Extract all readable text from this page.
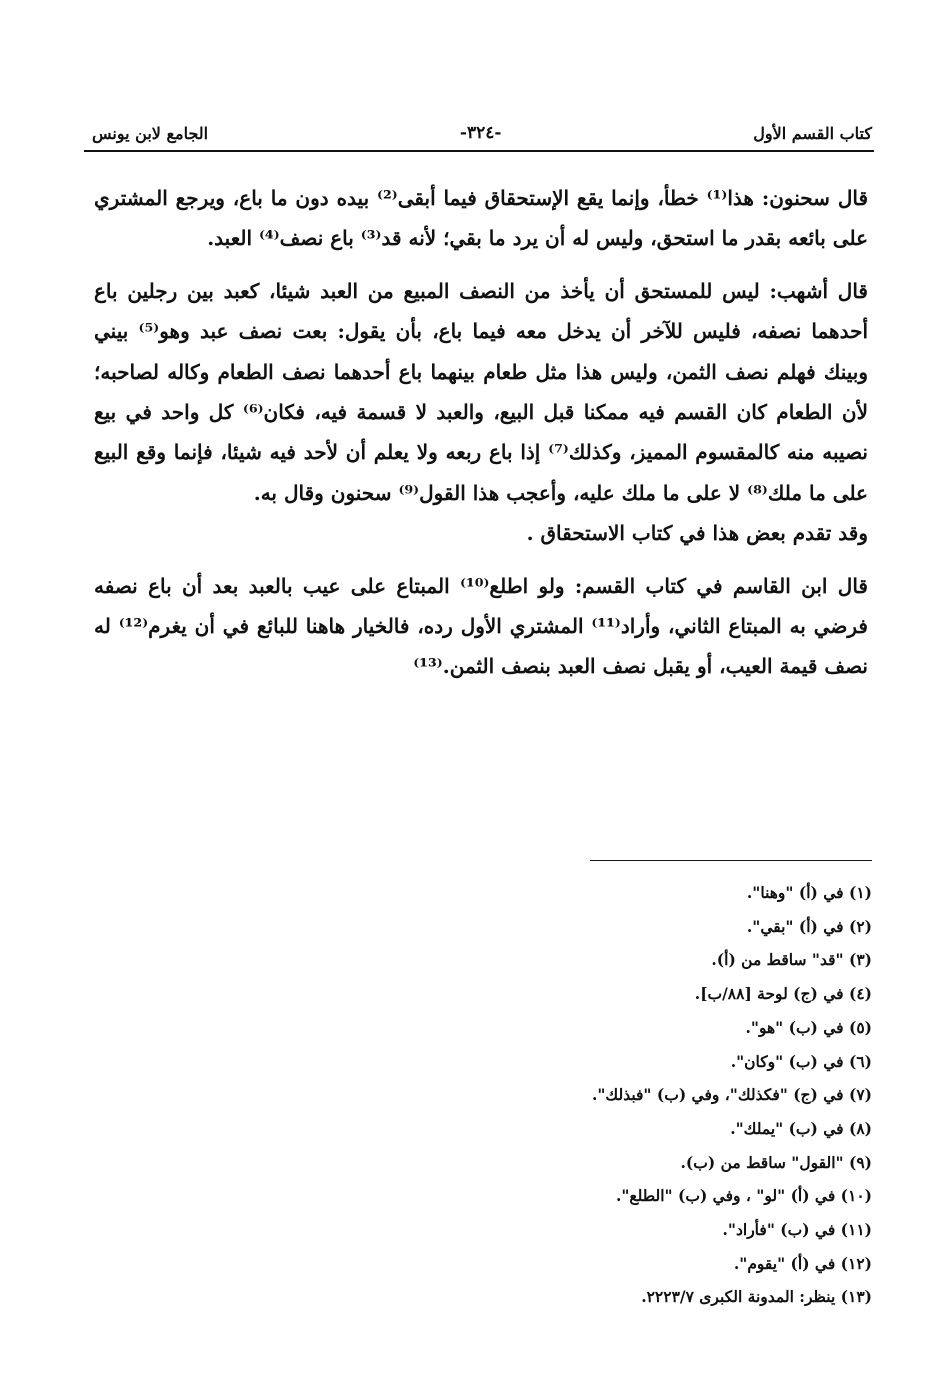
الجامع لابن يونس	-٣٢٤-	كتاب القسم الأول

قال سحنون: هذا⁽¹⁾ خطأ، وإنما يقع الإستحقاق فيما أبقى⁽²⁾ بيده دون ما باع، ويرجع المشتري على بائعه بقدر ما استحق، وليس له أن يرد ما بقي؛ لأنه قد⁽³⁾ باع نصف⁽⁴⁾ العبد.

قال أشهب: ليس للمستحق أن يأخذ من النصف المبيع من العبد شيئا، كعبد بين رجلين باع أحدهما نصفه، فليس للآخر أن يدخل معه فيما باع، بأن يقول: بعت نصف عبد وهو⁽⁵⁾ بيني وبينك فهلم نصف الثمن، وليس هذا مثل طعام بينهما باع أحدهما نصف الطعام وكاله لصاحبه؛ لأن الطعام كان القسم فيه ممكنا قبل البيع، والعبد لا قسمة فيه، فكان⁽⁶⁾ كل واحد في بيع نصيبه منه كالمقسوم المميز، وكذلك⁽⁷⁾ إذا باع ربعه ولا يعلم أن لأحد فيه شيئا، فإنما وقع البيع على ما ملك⁽⁸⁾ لا على ما ملك عليه، وأعجب هذا القول⁽⁹⁾ سحنون وقال به.

وقد تقدم بعض هذا في كتاب الاستحقاق .

قال ابن القاسم في كتاب القسم: ولو اطلع⁽¹⁰⁾ المبتاع على عيب بالعبد بعد أن باع نصفه فرضي به المبتاع الثاني، وأراد⁽¹¹⁾ المشتري الأول رده، فالخيار هاهنا للبائع في أن يغرم⁽¹²⁾ له نصف قيمة العيب، أو يقبل نصف العبد بنصف الثمن.⁽¹³⁾

(١) في (أ) "وهنا".
(٢) في (أ) "بقي".
(٣) "قد" ساقط من (أ).
(٤) في (ج) لوحة [٨٨/ب].
(٥) في (ب) "هو".
(٦) في (ب) "وكان".
(٧) في (ج) "فكذلك"، وفي (ب) "فبذلك".
(٨) في (ب) "يملك".
(٩) "القول" ساقط من (ب).
(١٠) في (أ) "لو" ، وفي (ب) "الطلع".
(١١) في (ب) "فأراد".
(١٢) في (أ) "يقوم".
(١٣) ينظر: المدونة الكبرى ٢٢٢٣/٧.
